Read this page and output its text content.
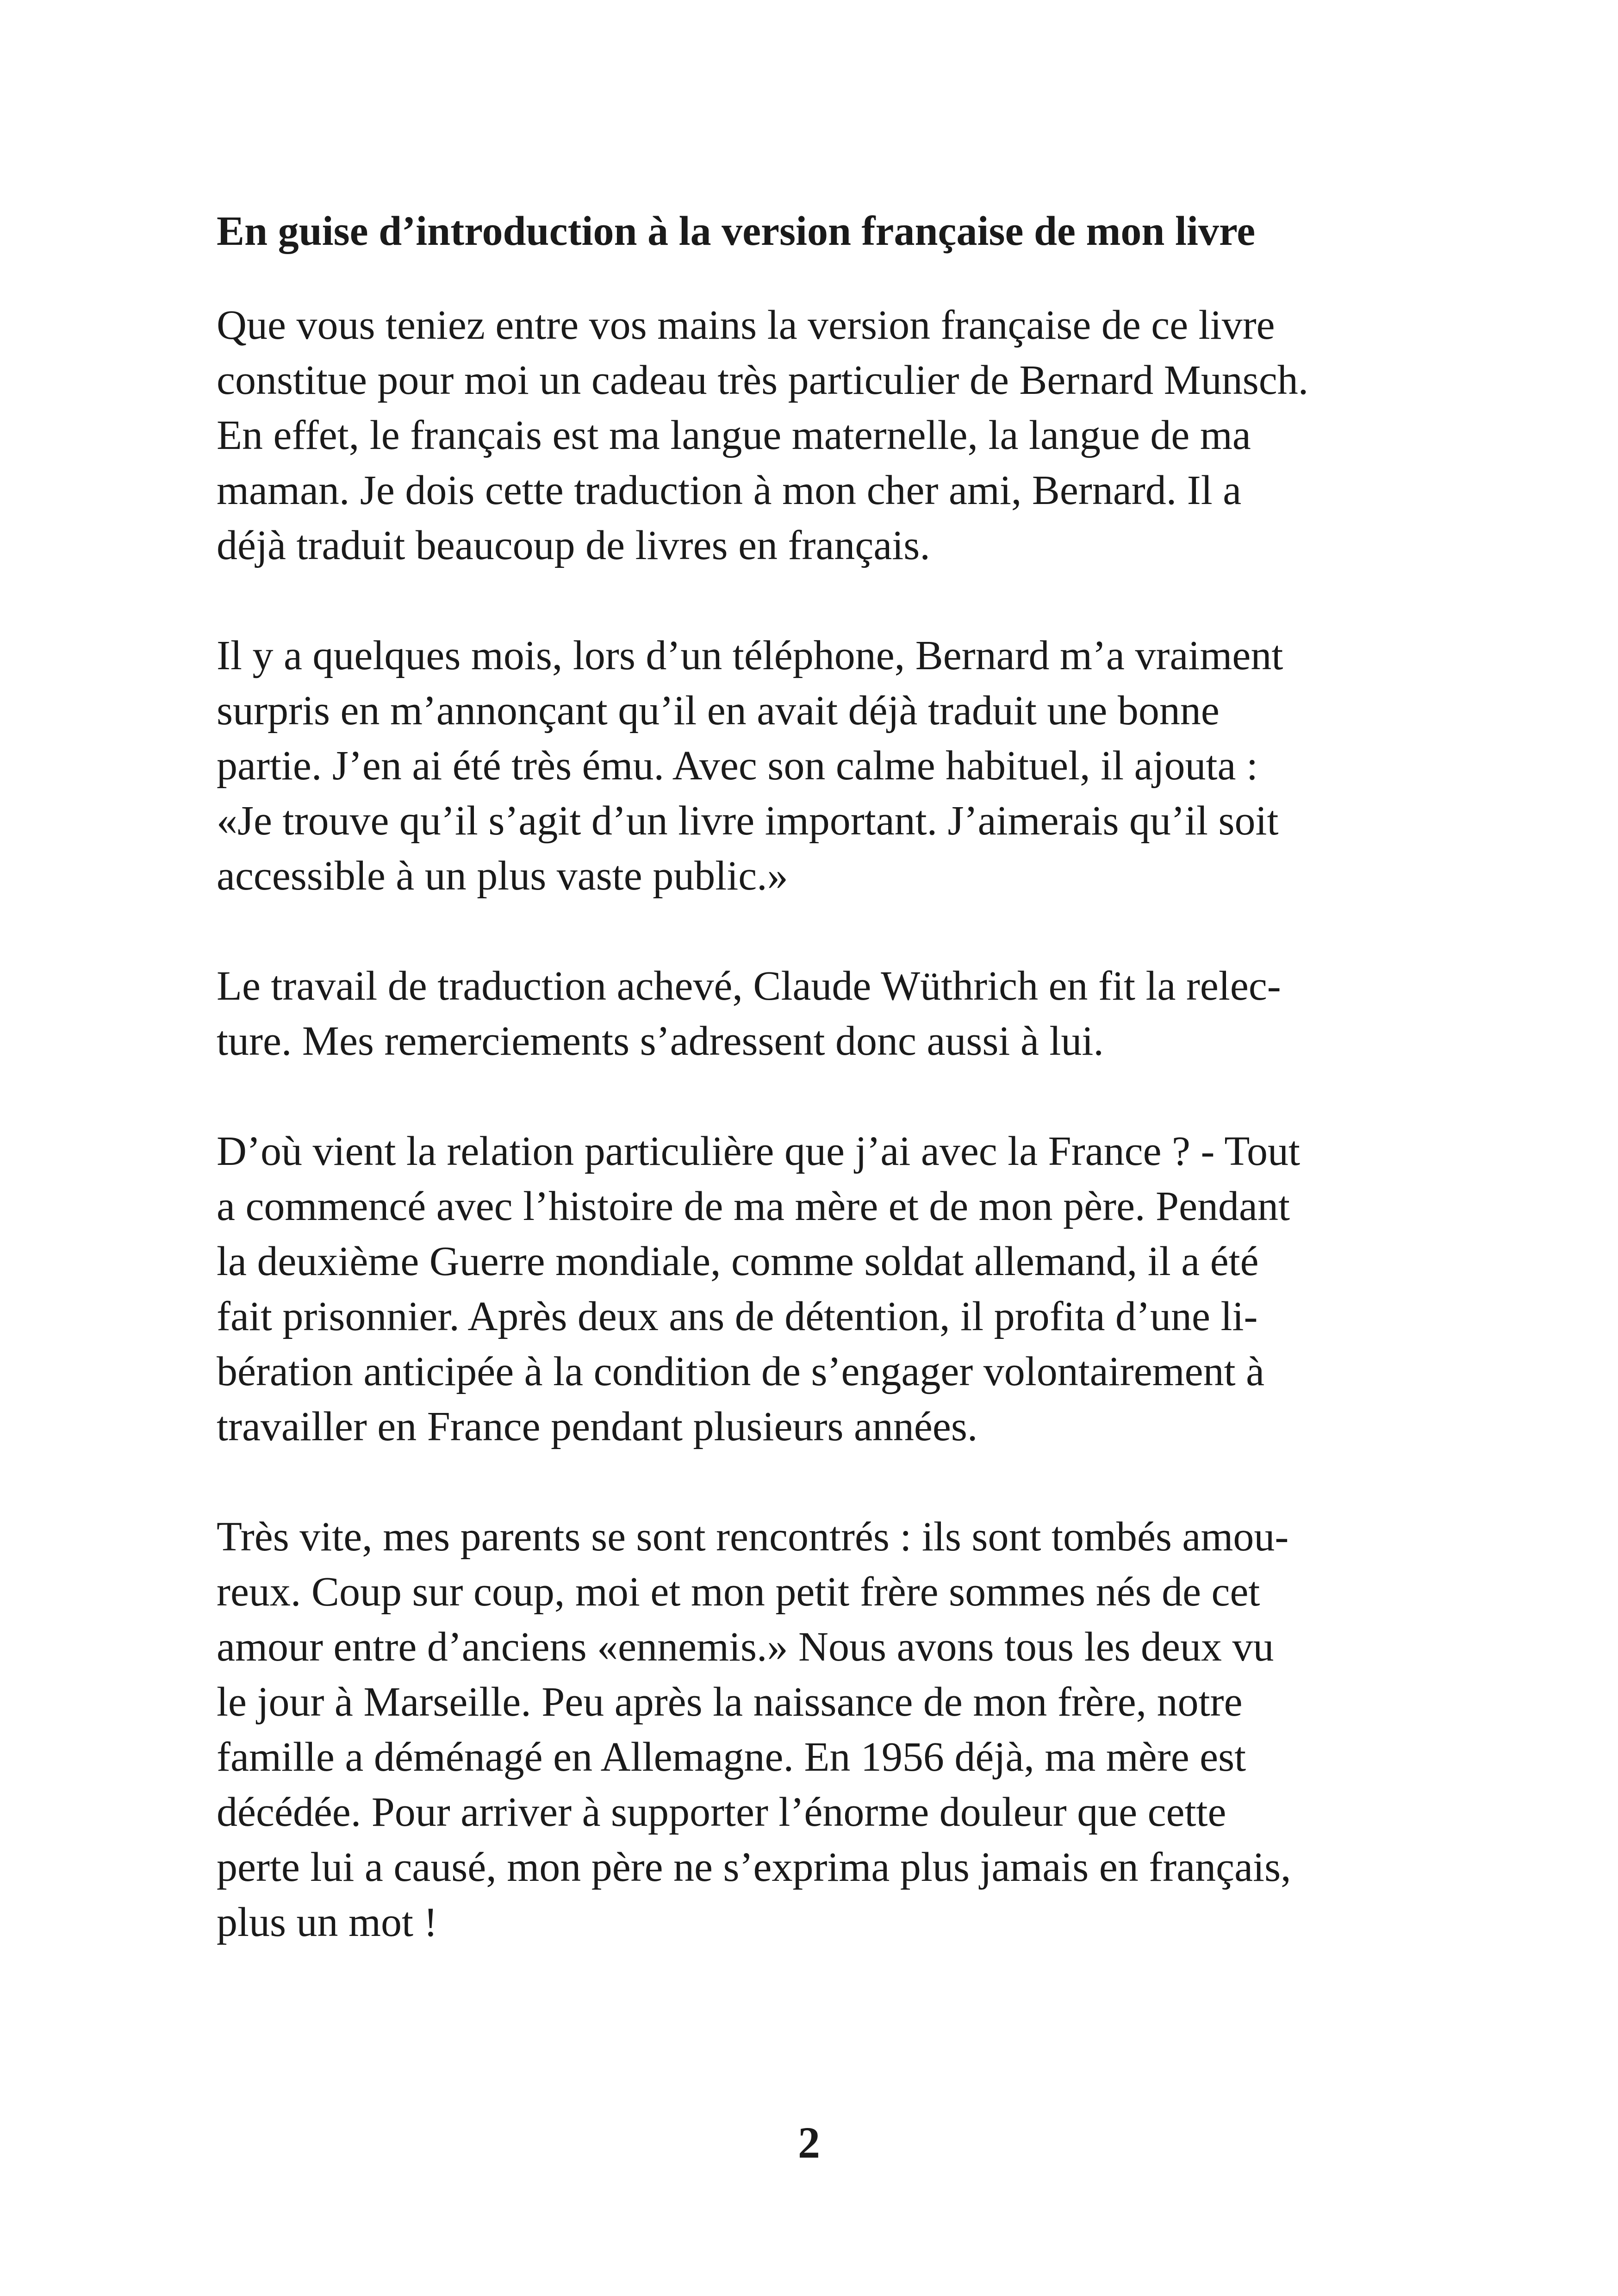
En guise d’introduction à la version française de mon livre

Que vous teniez entre vos mains la version française de ce livre
constitue pour moi un cadeau très particulier de Bernard Munsch.
En effet, le français est ma langue maternelle, la langue de ma
maman. Je dois cette traduction à mon cher ami, Bernard. Il a
déjà traduit beaucoup de livres en français.

Il y a quelques mois, lors d’un téléphone, Bernard m’a vraiment
surpris en m’annonçant qu’il en avait déjà traduit une bonne
partie. J’en ai été très ému. Avec son calme habituel, il ajouta :
«Je trouve qu’il s’agit d’un livre important. J’aimerais qu’il soit
accessible à un plus vaste public.»

Le travail de traduction achevé, Claude Wüthrich en fit la relec-
ture. Mes remerciements s’adressent donc aussi à lui.

D’où vient la relation particulière que j’ai avec la France ? - Tout
a commencé avec l’histoire de ma mère et de mon père. Pendant
la deuxième Guerre mondiale, comme soldat allemand, il a été
fait prisonnier. Après deux ans de détention, il profita d’une li-
bération anticipée à la condition de s’engager volontairement à
travailler en France pendant plusieurs années.

Très vite, mes parents se sont rencontrés : ils sont tombés amou-
reux. Coup sur coup, moi et mon petit frère sommes nés de cet
amour entre d’anciens «ennemis.» Nous avons tous les deux vu
le jour à Marseille. Peu après la naissance de mon frère, notre
famille a déménagé en Allemagne. En 1956 déjà, ma mère est
décédée. Pour arriver à supporter l’énorme douleur que cette
perte lui a causé, mon père ne s’exprima plus jamais en français,
plus un mot !

2
